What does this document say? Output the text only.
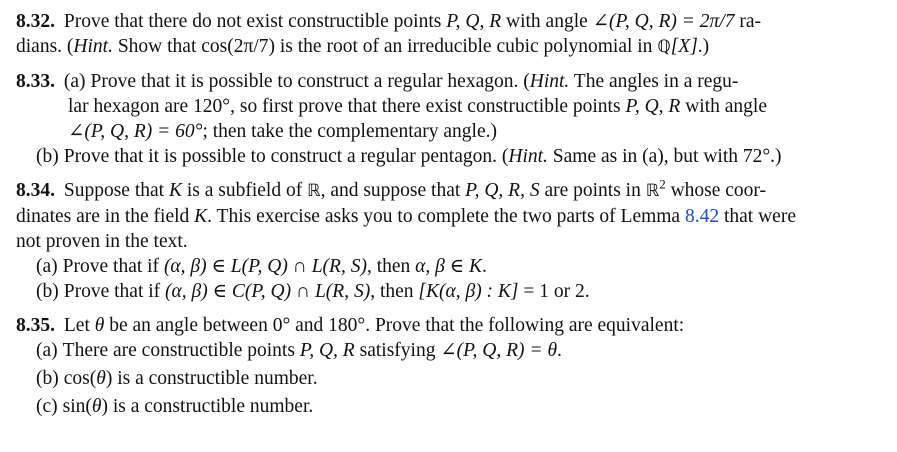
8.32. Prove that there do not exist constructible points P, Q, R with angle ∠(P, Q, R) = 2π/7 ra-
dians. (Hint. Show that cos(2π/7) is the root of an irreducible cubic polynomial in ℚ[X].)
8.33. (a) Prove that it is possible to construct a regular hexagon. (Hint. The angles in a regu-
lar hexagon are 120°, so first prove that there exist constructible points P, Q, R with angle
∠(P, Q, R) = 60°; then take the complementary angle.)
(b) Prove that it is possible to construct a regular pentagon. (Hint. Same as in (a), but with 72°.)
8.34. Suppose that K is a subfield of ℝ, and suppose that P, Q, R, S are points in ℝ$^2$ whose coor-
dinates are in the field K. This exercise asks you to complete the two parts of Lemma 8.42 that were
not proven in the text.
(a) Prove that if (α, β) ∈ L(P, Q) ∩ L(R, S), then α, β ∈ K.
(b) Prove that if (α, β) ∈ C(P, Q) ∩ L(R, S), then [K(α, β) : K] = 1 or 2.
8.35. Let θ be an angle between 0° and 180°. Prove that the following are equivalent:
(a) There are constructible points P, Q, R satisfying ∠(P, Q, R) = θ.
(b) cos(θ) is a constructible number.
(c) sin(θ) is a constructible number.
